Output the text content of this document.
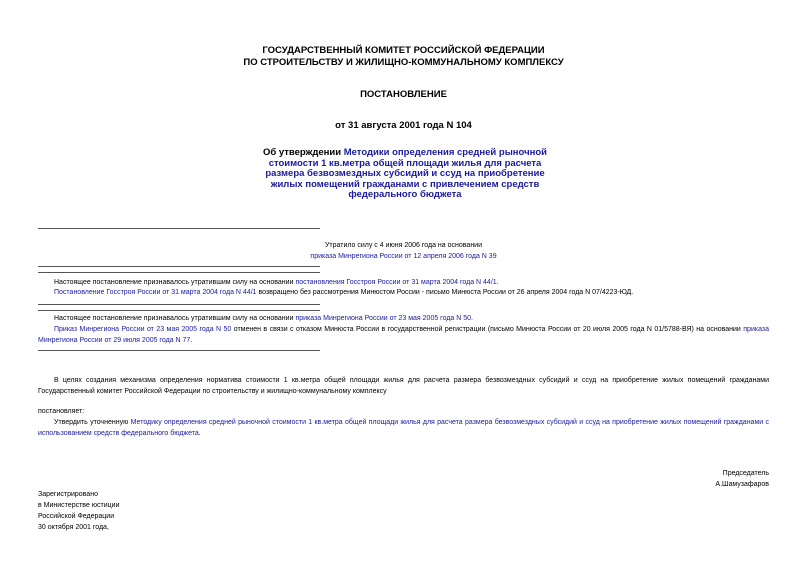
ГОСУДАРСТВЕННЫЙ КОМИТЕТ РОССИЙСКОЙ ФЕДЕРАЦИИ
ПО СТРОИТЕЛЬСТВУ И ЖИЛИЩНО-КОММУНАЛЬНОМУ КОМПЛЕКСУ
ПОСТАНОВЛЕНИЕ
от 31 августа 2001 года N 104
Об утверждении Методики определения средней рыночной стоимости 1 кв.метра общей площади жилья для расчета размера безвозмездных субсидий и ссуд на приобретение жилых помещений гражданами с привлечением средств федерального бюджета
Утратило силу с 4 июня 2006 года на основании
приказа Минрегиона России от 12 апреля 2006 года N 39
Настоящее постановление признавалось утратившим силу на основании постановления Госстроя России от 31 марта 2004 года N 44/1.
Постановление Госстроя России от 31 марта 2004 года N 44/1 возвращено без рассмотрения Минюстом России - письмо Минюста России от 26 апреля 2004 года N 07/4223-ЮД.
Настоящее постановление признавалось утратившим силу на основании приказа Минрегиона России от 23 мая 2005 года N 50.
Приказ Минрегиона России от 23 мая 2005 года N 50 отменен в связи с отказом Минюста России в государственной регистрации (письмо Минюста России от 20 июля 2005 года N 01/5788-ВЯ) на основании приказа Минрегиона России от 29 июля 2005 года N 77.
В целях создания механизма определения норматива стоимости 1 кв.метра общей площади жилья для расчета размера безвозмездных субсидий и ссуд на приобретение жилых помещений гражданами Государственный комитет Российской Федерации по строительству и жилищно-коммунальному комплексу
постановляет:
Утвердить уточненную Методику определения средней рыночной стоимости 1 кв.метра общей площади жилья для расчета размера безвозмездных субсидий и ссуд на приобретение жилых помещений гражданами с использованием средств федерального бюджета.
Председатель
А.Шамузафаров
Зарегистрировано
в Министерстве юстиции
Российской Федерации
30 октября 2001 года,
